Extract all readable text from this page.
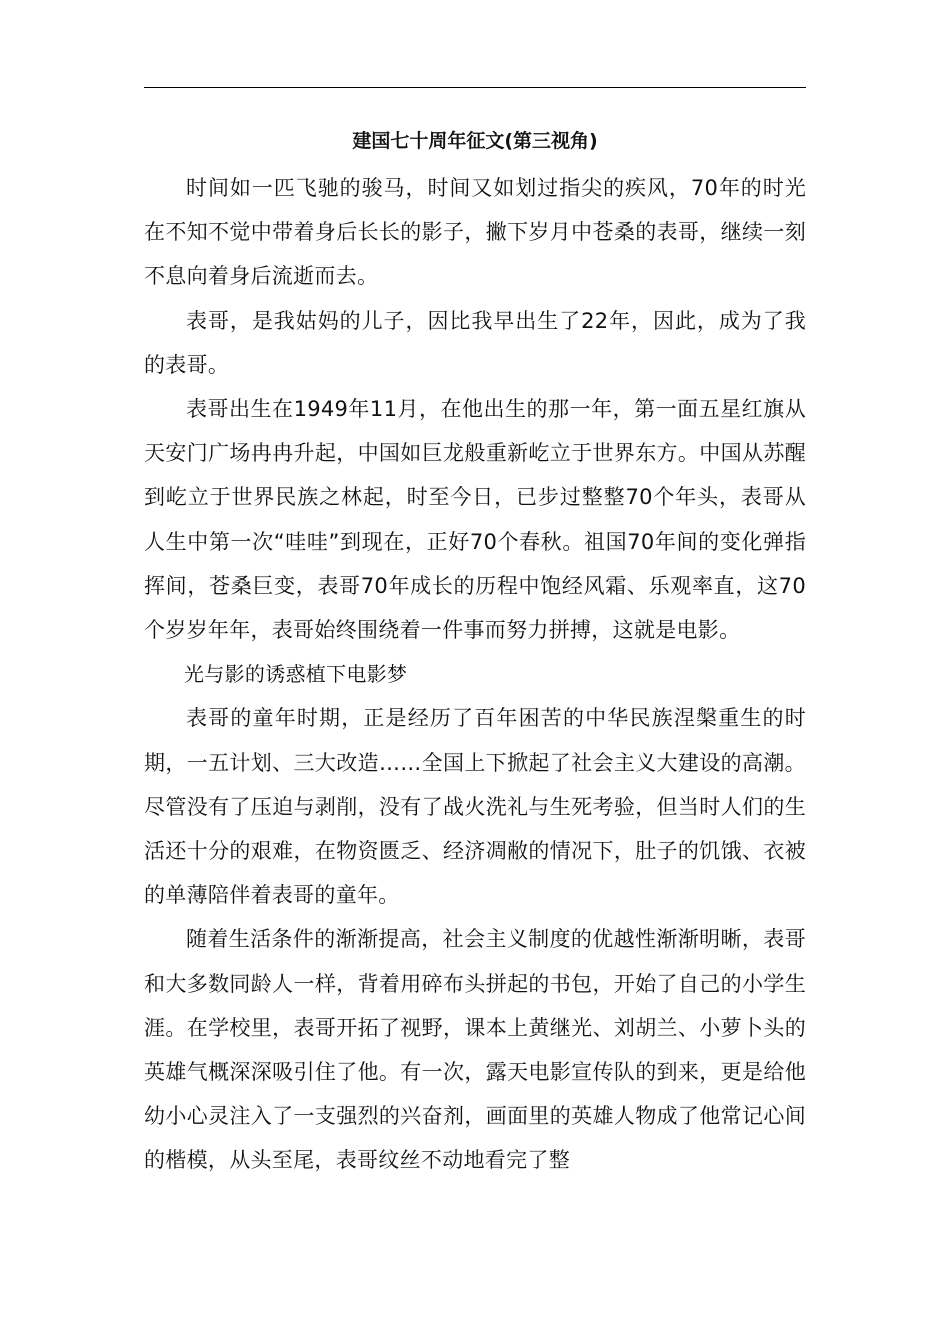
建国七十周年征文(第三视角)

时间如一匹飞驰的骏马，时间又如划过指尖的疾风，70年的时光在不知不觉中带着身后长长的影子，撇下岁月中苍桑的表哥，继续一刻不息向着身后流逝而去。

表哥，是我姑妈的儿子，因比我早出生了22年，因此，成为了我的表哥。

表哥出生在1949年11月，在他出生的那一年，第一面五星红旗从天安门广场冉冉升起，中国如巨龙般重新屹立于世界东方。中国从苏醒到屹立于世界民族之林起，时至今日，已步过整整70个年头，表哥从人生中第一次“哇哇”到现在，正好70个春秋。祖国70年间的变化弹指挥间，苍桑巨变，表哥70年成长的历程中饱经风霜、乐观率直，这70个岁岁年年，表哥始终围绕着一件事而努力拼搏，这就是电影。

光与影的诱惑植下电影梦

表哥的童年时期，正是经历了百年困苦的中华民族涅槃重生的时期，一五计划、三大改造……全国上下掀起了社会主义大建设的高潮。尽管没有了压迫与剥削，没有了战火洗礼与生死考验，但当时人们的生活还十分的艰难，在物资匮乏、经济凋敝的情况下，肚子的饥饿、衣被的单薄陪伴着表哥的童年。

随着生活条件的渐渐提高，社会主义制度的优越性渐渐明晰，表哥和大多数同龄人一样，背着用碎布头拼起的书包，开始了自己的小学生涯。在学校里，表哥开拓了视野，课本上黄继光、刘胡兰、小萝卜头的英雄气概深深吸引住了他。有一次，露天电影宣传队的到来，更是给他幼小心灵注入了一支强烈的兴奋剂，画面里的英雄人物成了他常记心间的楷模，从头至尾，表哥纹丝不动地看完了整
